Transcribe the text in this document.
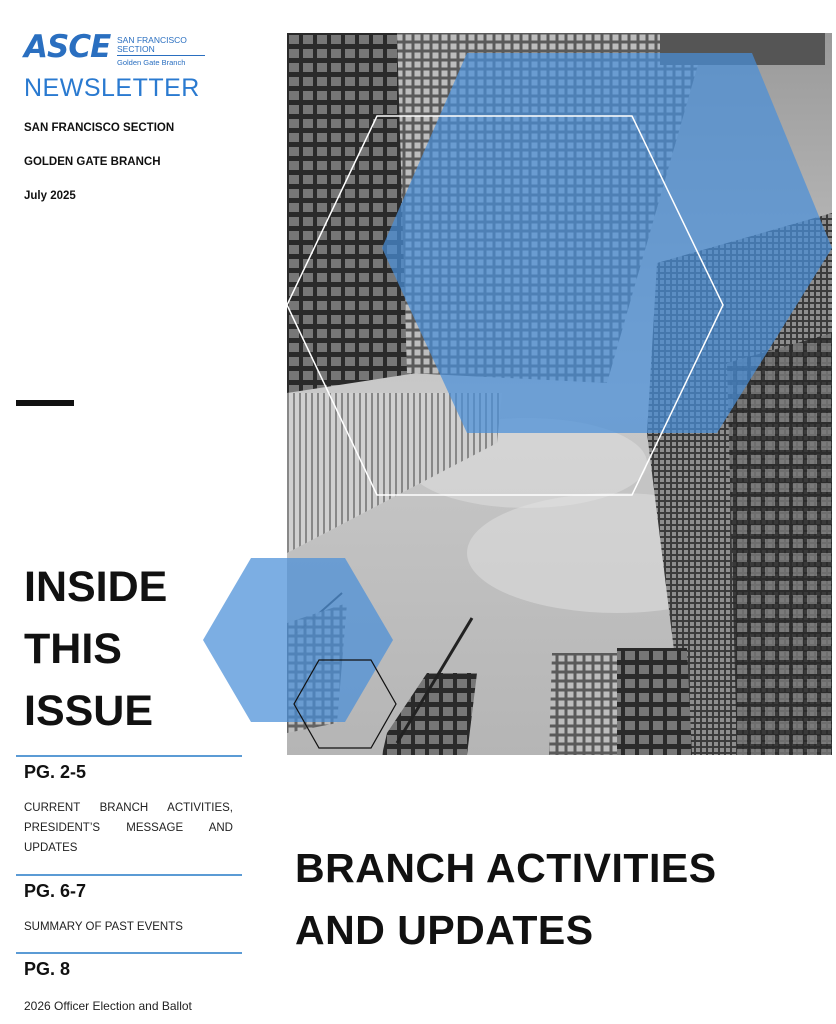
ASCE SAN FRANCISCO
SECTION
Golden Gate Branch
NEWSLETTER
SAN FRANCISCO SECTION
GOLDEN GATE BRANCH
July 2025
INSIDE
THIS
ISSUE
PG. 2-5
CURRENT BRANCH ACTIVITIES, PRESIDENT’S MESSAGE AND UPDATES
PG. 6-7
SUMMARY OF PAST EVENTS
PG. 8
2026 Officer Election and Ballot
BRANCH ACTIVITIES
AND UPDATES
